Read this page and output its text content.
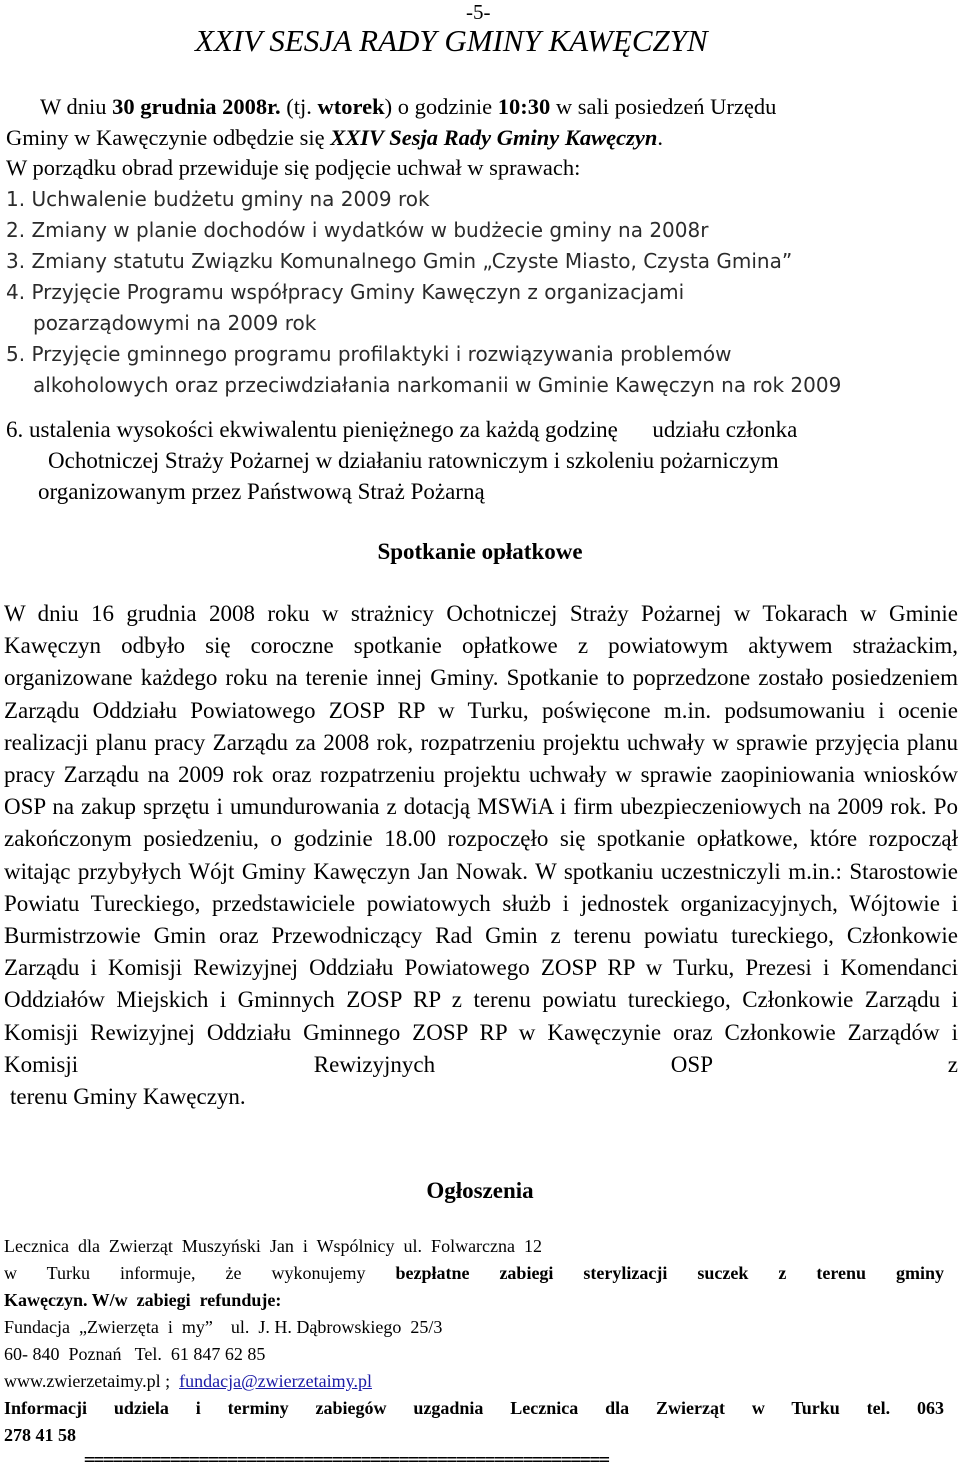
-5-
XXIV SESJA RADY GMINY KAWĘCZYN

W dniu 30 grudnia 2008r. (tj. wtorek) o godzinie 10:30 w sali posiedzeń Urzędu

Gminy w Kawęczynie odbędzie się XXIV Sesja Rady Gminy Kawęczyn.

W porządku obrad przewiduje się podjęcie uchwał w sprawach:

1. Uchwalenie budżetu gminy na 2009 rok
2. Zmiany w planie dochodów i wydatków w budżecie gminy na 2008r
3. Zmiany statutu Związku Komunalnego Gmin „Czyste Miasto, Czysta Gmina”
4. Przyjęcie Programu współpracy Gminy Kawęczyn z organizacjami
pozarządowymi na 2009 rok
5. Przyjęcie gminnego programu profilaktyki i rozwiązywania problemów
alkoholowych oraz przeciwdziałania narkomanii w Gminie Kawęczyn na rok 2009
6. ustalenia wysokości ekwiwalentu pieniężnego za każdą godzinę      udziału członka
Ochotniczej Straży Pożarnej w działaniu ratowniczym i szkoleniu pożarniczym
organizowanym przez Państwową Straż Pożarną
Spotkanie opłatkowe
W dniu 16 grudnia 2008 roku w strażnicy Ochotniczej Straży Pożarnej w Tokarach w Gminie Kawęczyn odbyło się coroczne spotkanie opłatkowe z powiatowym aktywem strażackim, organizowane każdego roku na terenie innej Gminy. Spotkanie to poprzedzone zostało posiedzeniem Zarządu Oddziału Powiatowego ZOSP RP w Turku, poświęcone m.in. podsumowaniu i ocenie realizacji planu pracy Zarządu za 2008 rok, rozpatrzeniu projektu uchwały w sprawie przyjęcia planu pracy Zarządu na 2009 rok oraz rozpatrzeniu projektu uchwały w sprawie zaopiniowania wniosków OSP na zakup sprzętu i umundurowania z dotacją MSWiA i firm ubezpieczeniowych na 2009 rok. Po zakończonym posiedzeniu, o godzinie 18.00 rozpoczęło się spotkanie opłatkowe, które rozpoczął witając przybyłych Wójt Gminy Kawęczyn Jan Nowak. W spotkaniu uczestniczyli m.in.: Starostowie Powiatu Tureckiego, przedstawiciele powiatowych służb i jednostek organizacyjnych, Wójtowie i Burmistrzowie Gmin oraz Przewodniczący Rad Gmin z terenu powiatu tureckiego, Członkowie Zarządu i Komisji Rewizyjnej Oddziału Powiatowego ZOSP RP w Turku, Prezesi i Komendanci Oddziałów Miejskich i Gminnych ZOSP RP z terenu powiatu tureckiego, Członkowie Zarządu i Komisji Rewizyjnej Oddziału Gminnego ZOSP RP w Kawęczynie oraz Członkowie Zarządów i Komisji Rewizyjnych OSP z
terenu Gminy Kawęczyn.
Ogłoszenia
Lecznica  dla  Zwierząt  Muszyński  Jan  i  Wspólnicy  ul.  Folwarczna  12
w Turku informuje, że wykonujemy bezpłatne zabiegi sterylizacji suczek z terenu gminy
Kawęczyn. W/w  zabiegi  refunduje:
Fundacja  „Zwierzęta  i  my”    ul.  J. H. Dąbrowskiego  25/3
60- 840  Poznań   Tel.  61 847 62 85
www.zwierzetaimy.pl ;  fundacja@zwierzetaimy.pl
Informacji udziela i terminy zabiegów uzgadnia Lecznica dla Zwierząt w Turku tel. 063
278 41 58
=======================================================
